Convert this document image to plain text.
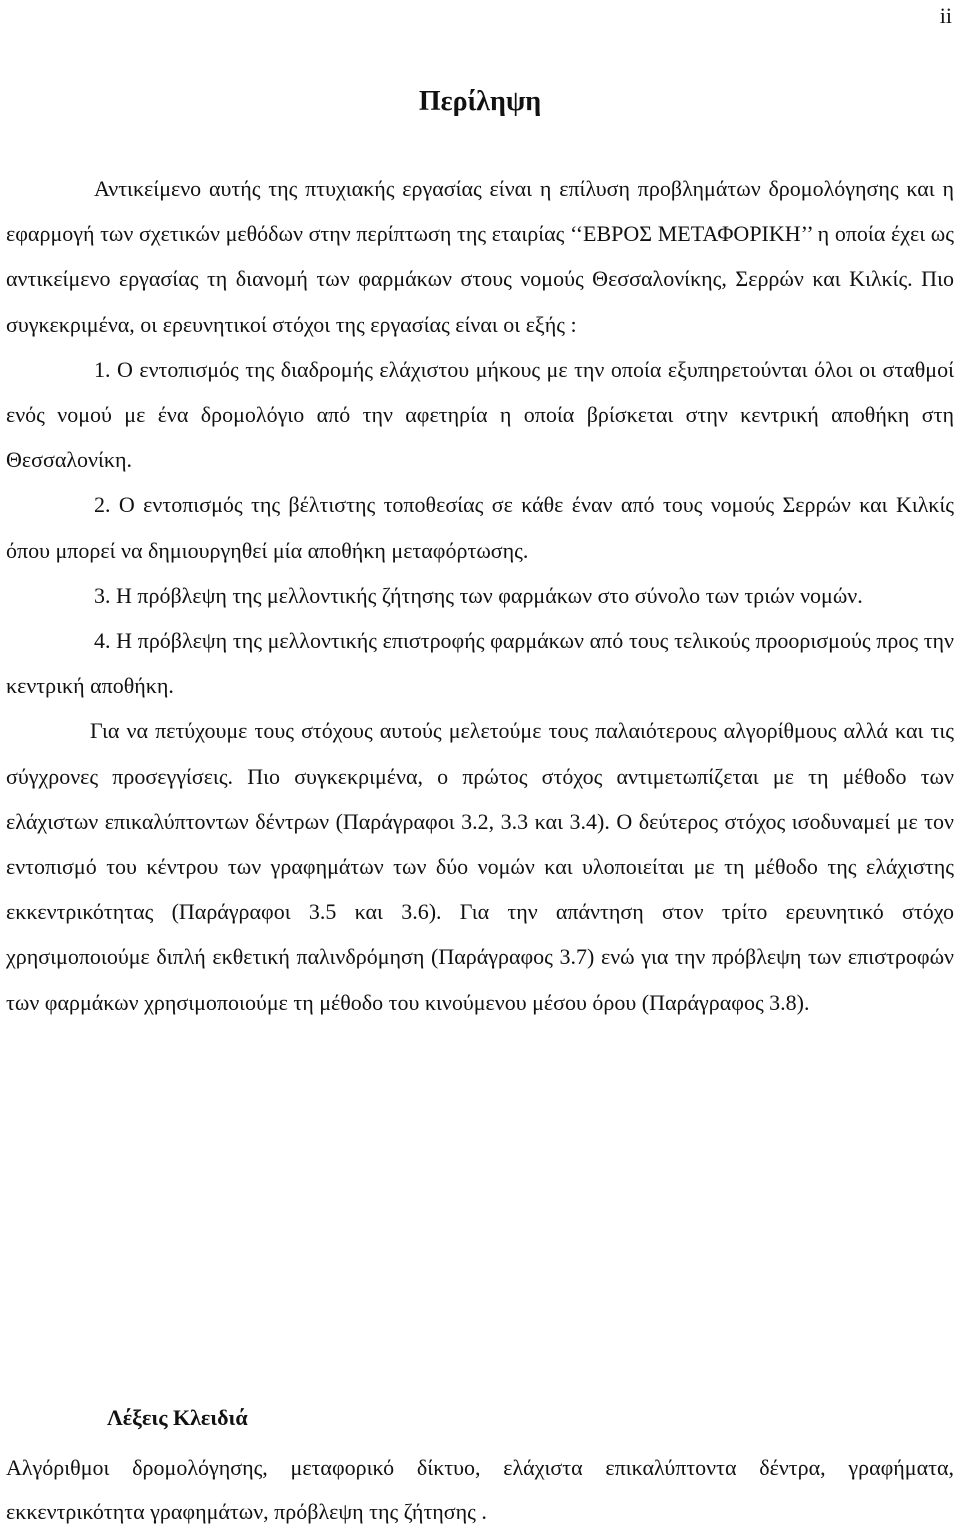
ii
Περίληψη

Αντικείμενο αυτής της πτυχιακής εργασίας είναι η επίλυση προβλημάτων δρομολόγησης και η εφαρμογή των σχετικών μεθόδων στην περίπτωση της εταιρίας ‘‘ΕΒΡΟΣ ΜΕΤΑΦΟΡΙΚΗ’’ η οποία έχει ως αντικείμενο εργασίας τη διανομή των φαρμάκων στους νομούς Θεσσαλονίκης, Σερρών και Κιλκίς. Πιο συγκεκριμένα, οι ερευνητικοί στόχοι της εργασίας είναι οι εξής :

1. Ο εντοπισμός της διαδρομής ελάχιστου μήκους με την οποία εξυπηρετούνται όλοι οι σταθμοί ενός νομού με ένα δρομολόγιο από την αφετηρία η οποία βρίσκεται στην κεντρική αποθήκη στη Θεσσαλονίκη.

2. Ο εντοπισμός της βέλτιστης τοποθεσίας σε κάθε έναν από τους νομούς Σερρών και Κιλκίς όπου μπορεί να δημιουργηθεί μία αποθήκη μεταφόρτωσης.

3. Η πρόβλεψη της μελλοντικής ζήτησης των φαρμάκων στο σύνολο των τριών νομών.

4. Η πρόβλεψη της μελλοντικής επιστροφής φαρμάκων από τους τελικούς προορισμούς προς την κεντρική αποθήκη.

Για να πετύχουμε τους στόχους αυτούς μελετούμε τους παλαιότερους αλγορίθμους αλλά και τις σύγχρονες προσεγγίσεις. Πιο συγκεκριμένα, ο πρώτος στόχος αντιμετωπίζεται με τη μέθοδο των ελάχιστων επικαλύπτοντων δέντρων (Παράγραφοι 3.2, 3.3 και 3.4). Ο δεύτερος στόχος ισοδυναμεί με τον εντοπισμό του κέντρου των γραφημάτων των δύο νομών και υλοποιείται με τη μέθοδο της ελάχιστης εκκεντρικότητας (Παράγραφοι 3.5 και 3.6). Για την απάντηση στον τρίτο ερευνητικό στόχο χρησιμοποιούμε διπλή εκθετική παλινδρόμηση (Παράγραφος 3.7) ενώ για την πρόβλεψη των επιστροφών των φαρμάκων χρησιμοποιούμε τη μέθοδο του κινούμενου μέσου όρου (Παράγραφος 3.8).

Λέξεις Κλειδιά

Αλγόριθμοι δρομολόγησης, μεταφορικό δίκτυο, ελάχιστα επικαλύπτοντα δέντρα, γραφήματα, εκκεντρικότητα γραφημάτων, πρόβλεψη της ζήτησης .
